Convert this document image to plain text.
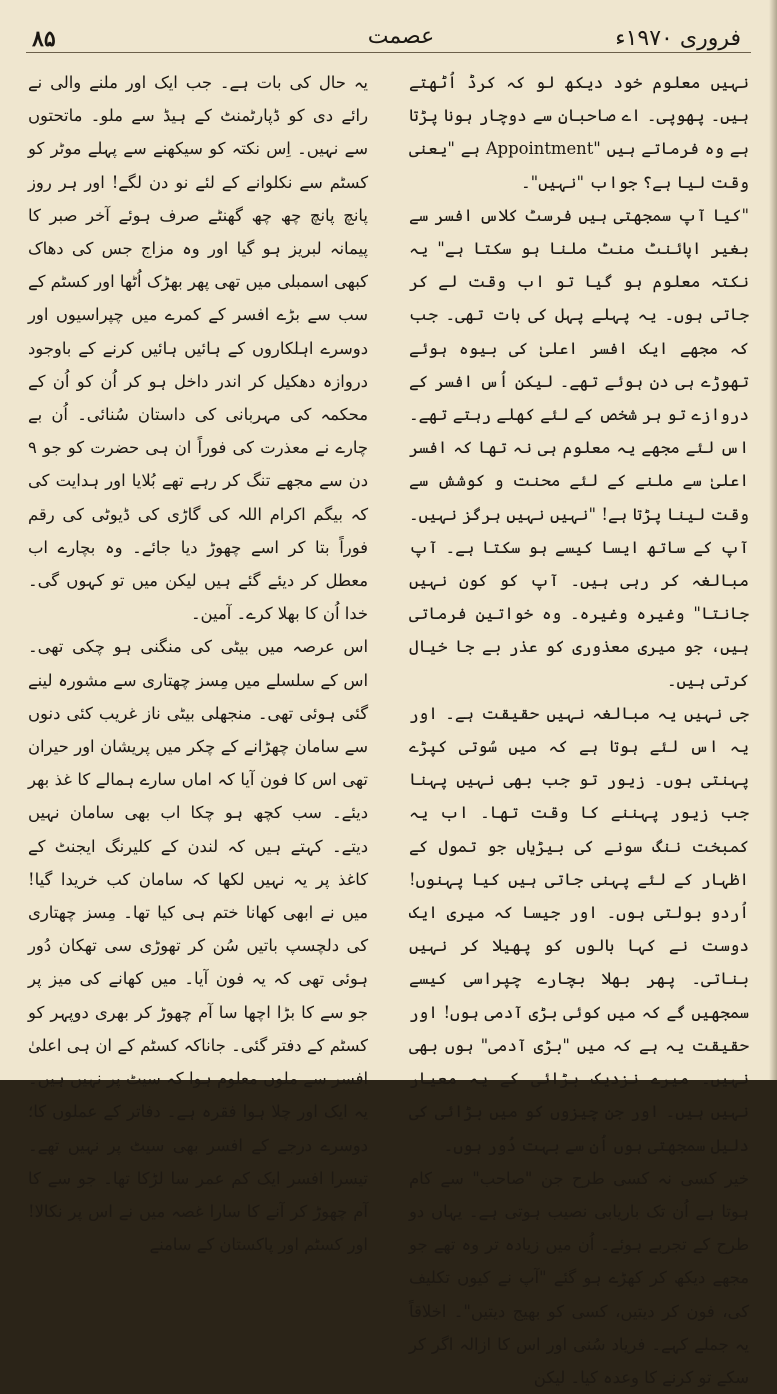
فروری ۱۹۷۰ء
عصمت
۸۵

نہیں معلوم خود دیکھ لو کہ کرڈ اُٹھتے ہیں۔ پھوپی۔ اے صاحبان سے دوچار ہونا پڑتا ہے وہ فرماتے ہیں "Appointment ہے "یعنی وقت لیا ہے؟ جواب "نہیں"۔

"کیا آپ سمجھتی ہیں فرسٹ کلاس افسر سے بغیر اپائنٹ منٹ ملنا ہو سکتا ہے" یہ نکتہ معلوم ہو گیا تو اب وقت لے کر جاتی ہوں۔ یہ پہلے پہل کی بات تھی۔ جب کہ مجھے ایک افسر اعلیٰ کی بیوہ ہوئے تھوڑے ہی دن ہوئے تھے۔ لیکن اُس افسر کے دروازے تو ہر شخص کے لئے کھلے رہتے تھے۔ اس لئے مجھے یہ معلوم ہی نہ تھا کہ افسر اعلیٰ سے ملنے کے لئے محنت و کوشش سے وقت لینا پڑتا ہے! "نہیں نہیں ہرگز نہیں۔ آپ کے ساتھ ایسا کیسے ہو سکتا ہے۔ آپ مبالغہ کر رہی ہیں۔ آپ کو کون نہیں جانتا" وغیرہ وغیرہ۔ وہ خواتین فرماتی ہیں، جو میری معذوری کو عذر بے جا خیال کرتی ہیں۔

جی نہیں یہ مبالغہ نہیں حقیقت ہے۔ اور یہ اس لئے ہوتا ہے کہ میں سُوتی کپڑے پہنتی ہوں۔ زیور تو جب بھی نہیں پہنا جب زیور پہننے کا وقت تھا۔ اب یہ کمبخت ننگ سونے کی بیڑیاں جو تمول کے اظہار کے لئے پہنی جاتی ہیں کیا پہنوں! اُردو بولتی ہوں۔ اور جیسا کہ میری ایک دوست نے کہا بالوں کو پھیلا کر نہیں بناتی۔ پھر بھلا بچارے چپراسی کیسے سمجھیں گے کہ میں کوئی بڑی آدمی ہوں! اور حقیقت یہ ہے کہ میں "بڑی آدمی" ہوں بھی نہیں۔ میرے نزدیک بڑائی کے یہ معیار نہیں ہیں۔ اور جن چیزوں کو میں بڑائی کی دلیل سمجھتی ہوں اُن سے بہت دُور ہوں۔

خیر کسی نہ کسی طرح جن "صاحب" سے کام ہوتا ہے اُن تک باریابی نصیب ہوتی ہے۔ یہاں دو طرح کے تجربے ہوئے۔ اُن میں زیادہ تر وہ تھے جو مجھے دیکھ کر کھڑے ہو گئے "آپ نے کیوں تکلیف کی، فون کر دیتیں، کسی کو بھیج دیتیں"۔ اخلاقاً یہ جملے کہے۔ فریاد سُنی اور اس کا ازالہ اگر کر سکے تو کرنے کا وعدہ کیا۔ لیکن

یہ حال کی بات ہے۔ جب ایک اور ملنے والی نے رائے دی کو ڈپارٹمنٹ کے ہیڈ سے ملو۔ ماتحتوں سے نہیں۔ اِس نکتہ کو سیکھنے سے پہلے موٹر کو کسٹم سے نکلوانے کے لئے نو دن لگے! اور ہر روز پانچ پانچ چھ چھ گھنٹے صرف ہوئے آخر صبر کا پیمانہ لبریز ہو گیا اور وہ مزاج جس کی دھاک کبھی اسمبلی میں تھی پھر بھڑک اُٹھا اور کسٹم کے سب سے بڑے افسر کے کمرے میں چپراسیوں اور دوسرے اہلکاروں کے ہائیں ہائیں کرنے کے باوجود دروازہ دھکیل کر اندر داخل ہو کر اُن کو اُن کے محکمہ کی مہربانی کی داستان سُنائی۔ اُن بے چارے نے معذرت کی فوراً ان ہی حضرت کو جو ۹ دن سے مجھے تنگ کر رہے تھے بُلایا اور ہدایت کی کہ بیگم اکرام اللہ کی گاڑی کی ڈیوٹی کی رقم فوراً بتا کر اسے چھوڑ دیا جائے۔ وہ بچارے اب معطل کر دیئے گئے ہیں لیکن میں تو کہوں گی۔ خدا اُن کا بھلا کرے۔ آمین۔

اس عرصہ میں بیٹی کی منگنی ہو چکی تھی۔ اس کے سلسلے میں مِسز چھتاری سے مشورہ لینے گئی ہوئی تھی۔ منجھلی بیٹی ناز غریب کئی دنوں سے سامان چھڑانے کے چکر میں پریشان اور حیران تھی اس کا فون آیا کہ اماں سارے ہمالے کا غذ بھر دیئے۔ سب کچھ ہو چکا اب بھی سامان نہیں دیتے۔ کہتے ہیں کہ لندن کے کلیرنگ ایجنٹ کے کاغذ پر یہ نہیں لکھا کہ سامان کب خریدا گیا! میں نے ابھی کھانا ختم ہی کیا تھا۔ مِسز چھتاری کی دلچسپ باتیں سُن کر تھوڑی سی تھکان دُور ہوئی تھی کہ یہ فون آیا۔ میں کھانے کی میز پر جو سے کا بڑا اچھا سا آم چھوڑ کر بھری دوپہر کو کسٹم کے دفتر گئی۔ جاناکہ کسٹم کے ان ہی اعلیٰ افسر سے ملوں معلوم ہوا کہ سیٹ پر نہیں ہیں۔ یہ ایک اور چلا ہوا فقرہ ہے۔ دفاتر کے عملوں کا؛ دوسرے درجے کے افسر بھی سیٹ پر نہیں تھے۔ تیسرا افسر ایک کم عمر سا لڑکا تھا۔ جو سے کا آم چھوڑ کر آنے کا سارا غصہ میں نے اس پر نکالا! اور کسٹم اور پاکستان کے سامنے
